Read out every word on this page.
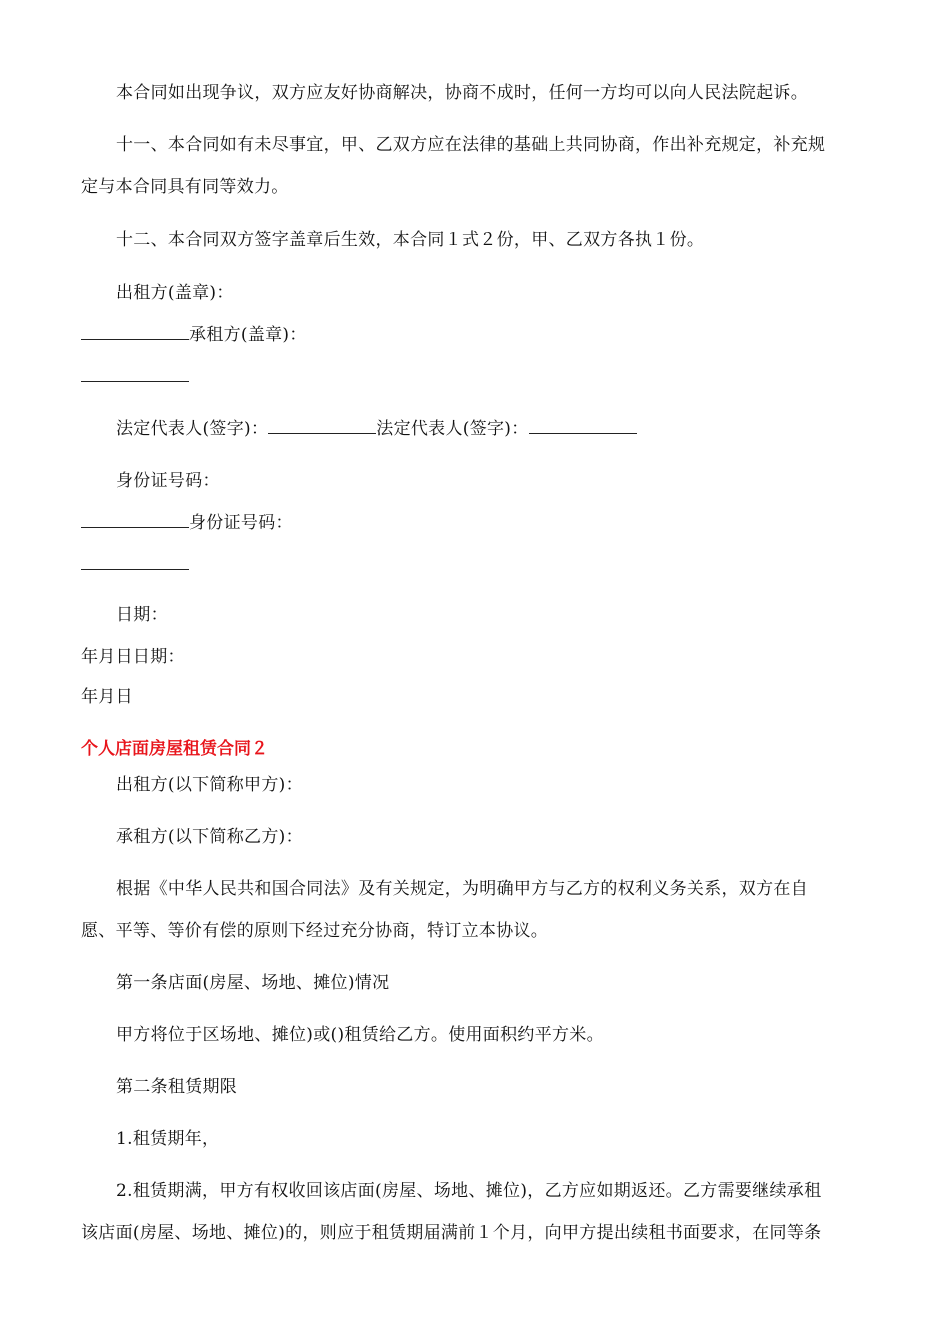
本合同如出现争议，双方应友好协商解决，协商不成时，任何一方均可以向人民法院起诉。
十一、本合同如有未尽事宜，甲、乙双方应在法律的基础上共同协商，作出补充规定，补充规
定与本合同具有同等效力。
十二、本合同双方签字盖章后生效，本合同１式２份，甲、乙双方各执１份。
出租方(盖章)：
承租方(盖章)：
法定代表人(签字)：	法定代表人(签字)：
身份证号码：
身份证号码：
日期：
年月日日期：
年月日
个人店面房屋租赁合同２
出租方(以下简称甲方)：
承租方(以下简称乙方)：
根据《中华人民共和国合同法》及有关规定，为明确甲方与乙方的权利义务关系，双方在自
愿、平等、等价有偿的原则下经过充分协商，特订立本协议。
第一条店面(房屋、场地、摊位)情况
甲方将位于区场地、摊位)或()租赁给乙方。使用面积约平方米。
第二条租赁期限
1.租赁期年，
2.租赁期满，甲方有权收回该店面(房屋、场地、摊位)，乙方应如期返还。乙方需要继续承租
该店面(房屋、场地、摊位)的，则应于租赁期届满前１个月，向甲方提出续租书面要求，在同等条
